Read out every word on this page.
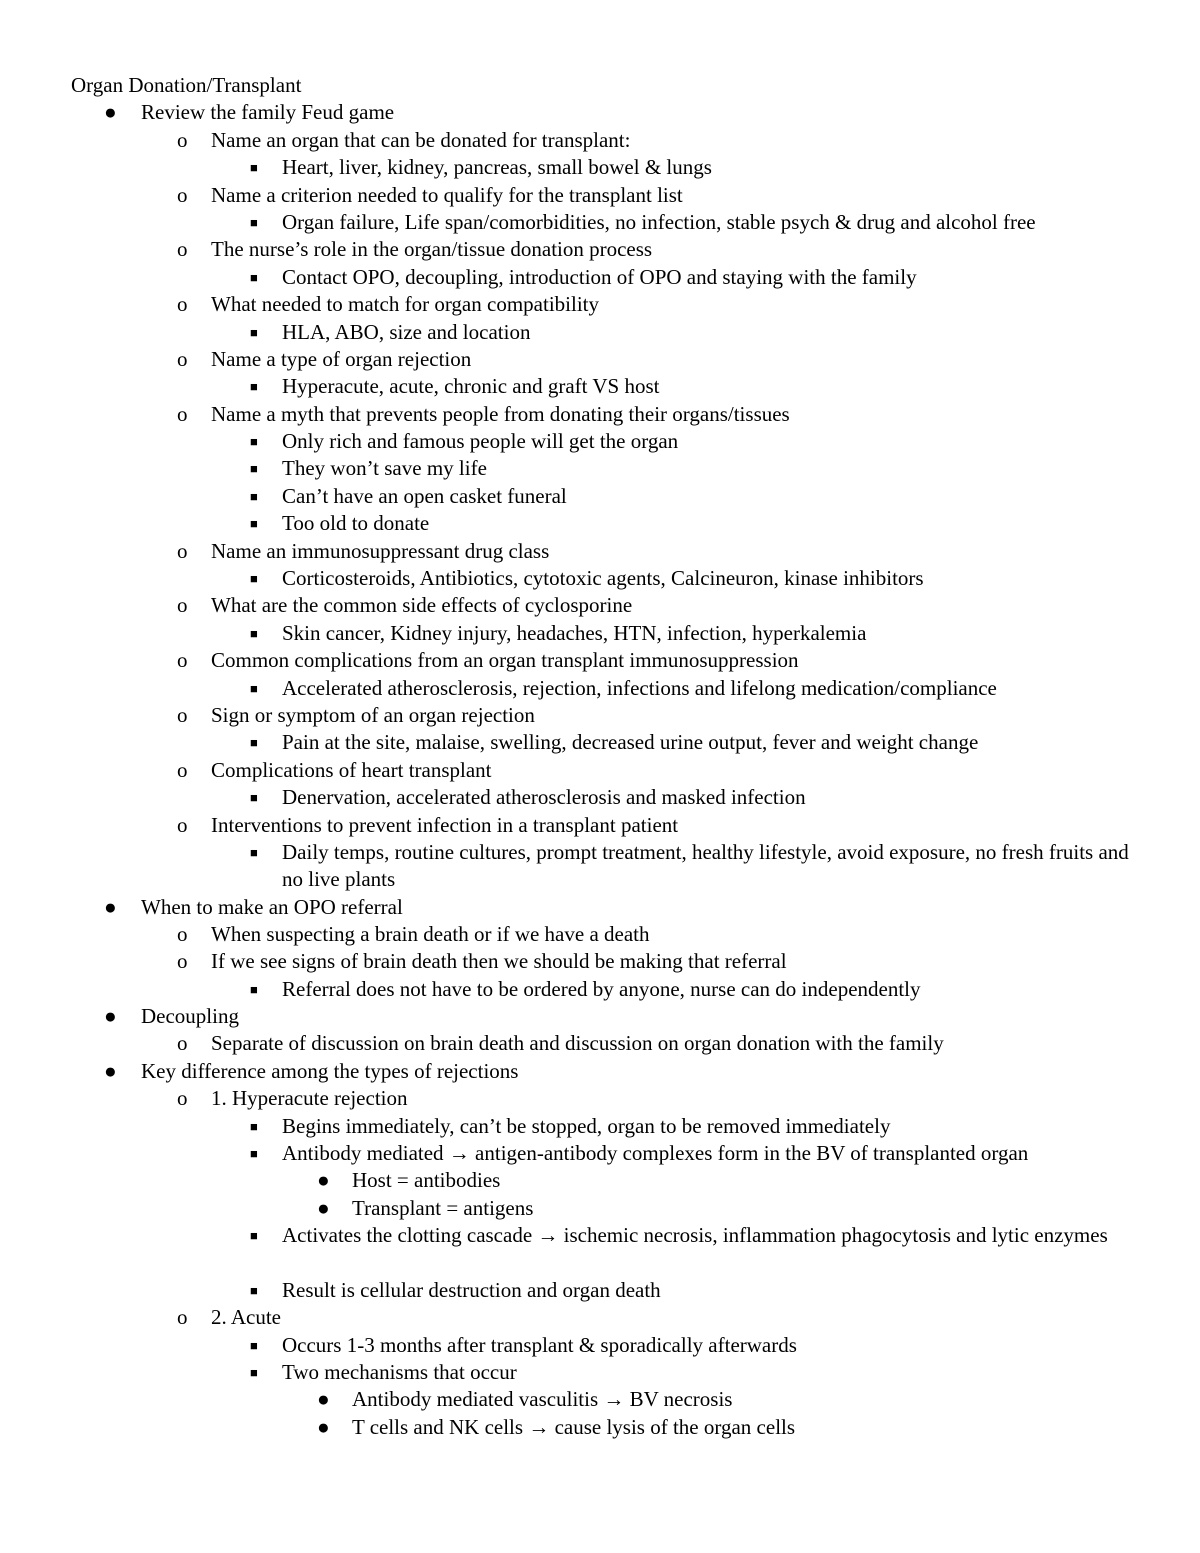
Organ Donation/Transplant
● Review the family Feud game
o Name an organ that can be donated for transplant:
■ Heart, liver, kidney, pancreas, small bowel & lungs
o Name a criterion needed to qualify for the transplant list
■ Organ failure, Life span/comorbidities, no infection, stable psych & drug and alcohol free
o The nurse’s role in the organ/tissue donation process
■ Contact OPO, decoupling, introduction of OPO and staying with the family
o What needed to match for organ compatibility
■ HLA, ABO, size and location
o Name a type of organ rejection
■ Hyperacute, acute, chronic and graft VS host
o Name a myth that prevents people from donating their organs/tissues
■ Only rich and famous people will get the organ
■ They won’t save my life
■ Can’t have an open casket funeral
■ Too old to donate
o Name an immunosuppressant drug class
■ Corticosteroids, Antibiotics, cytotoxic agents, Calcineuron, kinase inhibitors
o What are the common side effects of cyclosporine
■ Skin cancer, Kidney injury, headaches, HTN, infection, hyperkalemia
o Common complications from an organ transplant immunosuppression
■ Accelerated atherosclerosis, rejection, infections and lifelong medication/compliance
o Sign or symptom of an organ rejection
■ Pain at the site, malaise, swelling, decreased urine output, fever and weight change
o Complications of heart transplant
■ Denervation, accelerated atherosclerosis and masked infection
o Interventions to prevent infection in a transplant patient
■ Daily temps, routine cultures, prompt treatment, healthy lifestyle, avoid exposure, no fresh fruits and no live plants
● When to make an OPO referral
o When suspecting a brain death or if we have a death
o If we see signs of brain death then we should be making that referral
■ Referral does not have to be ordered by anyone, nurse can do independently
● Decoupling
o Separate of discussion on brain death and discussion on organ donation with the family
● Key difference among the types of rejections
o 1. Hyperacute rejection
■ Begins immediately, can’t be stopped, organ to be removed immediately
■ Antibody mediated → antigen-antibody complexes form in the BV of transplanted organ
● Host = antibodies
● Transplant = antigens
■ Activates the clotting cascade → ischemic necrosis, inflammation phagocytosis and lytic enzymes
■ Result is cellular destruction and organ death
o 2. Acute
■ Occurs 1-3 months after transplant & sporadically afterwards
■ Two mechanisms that occur
● Antibody mediated vasculitis → BV necrosis
● T cells and NK cells → cause lysis of the organ cells
